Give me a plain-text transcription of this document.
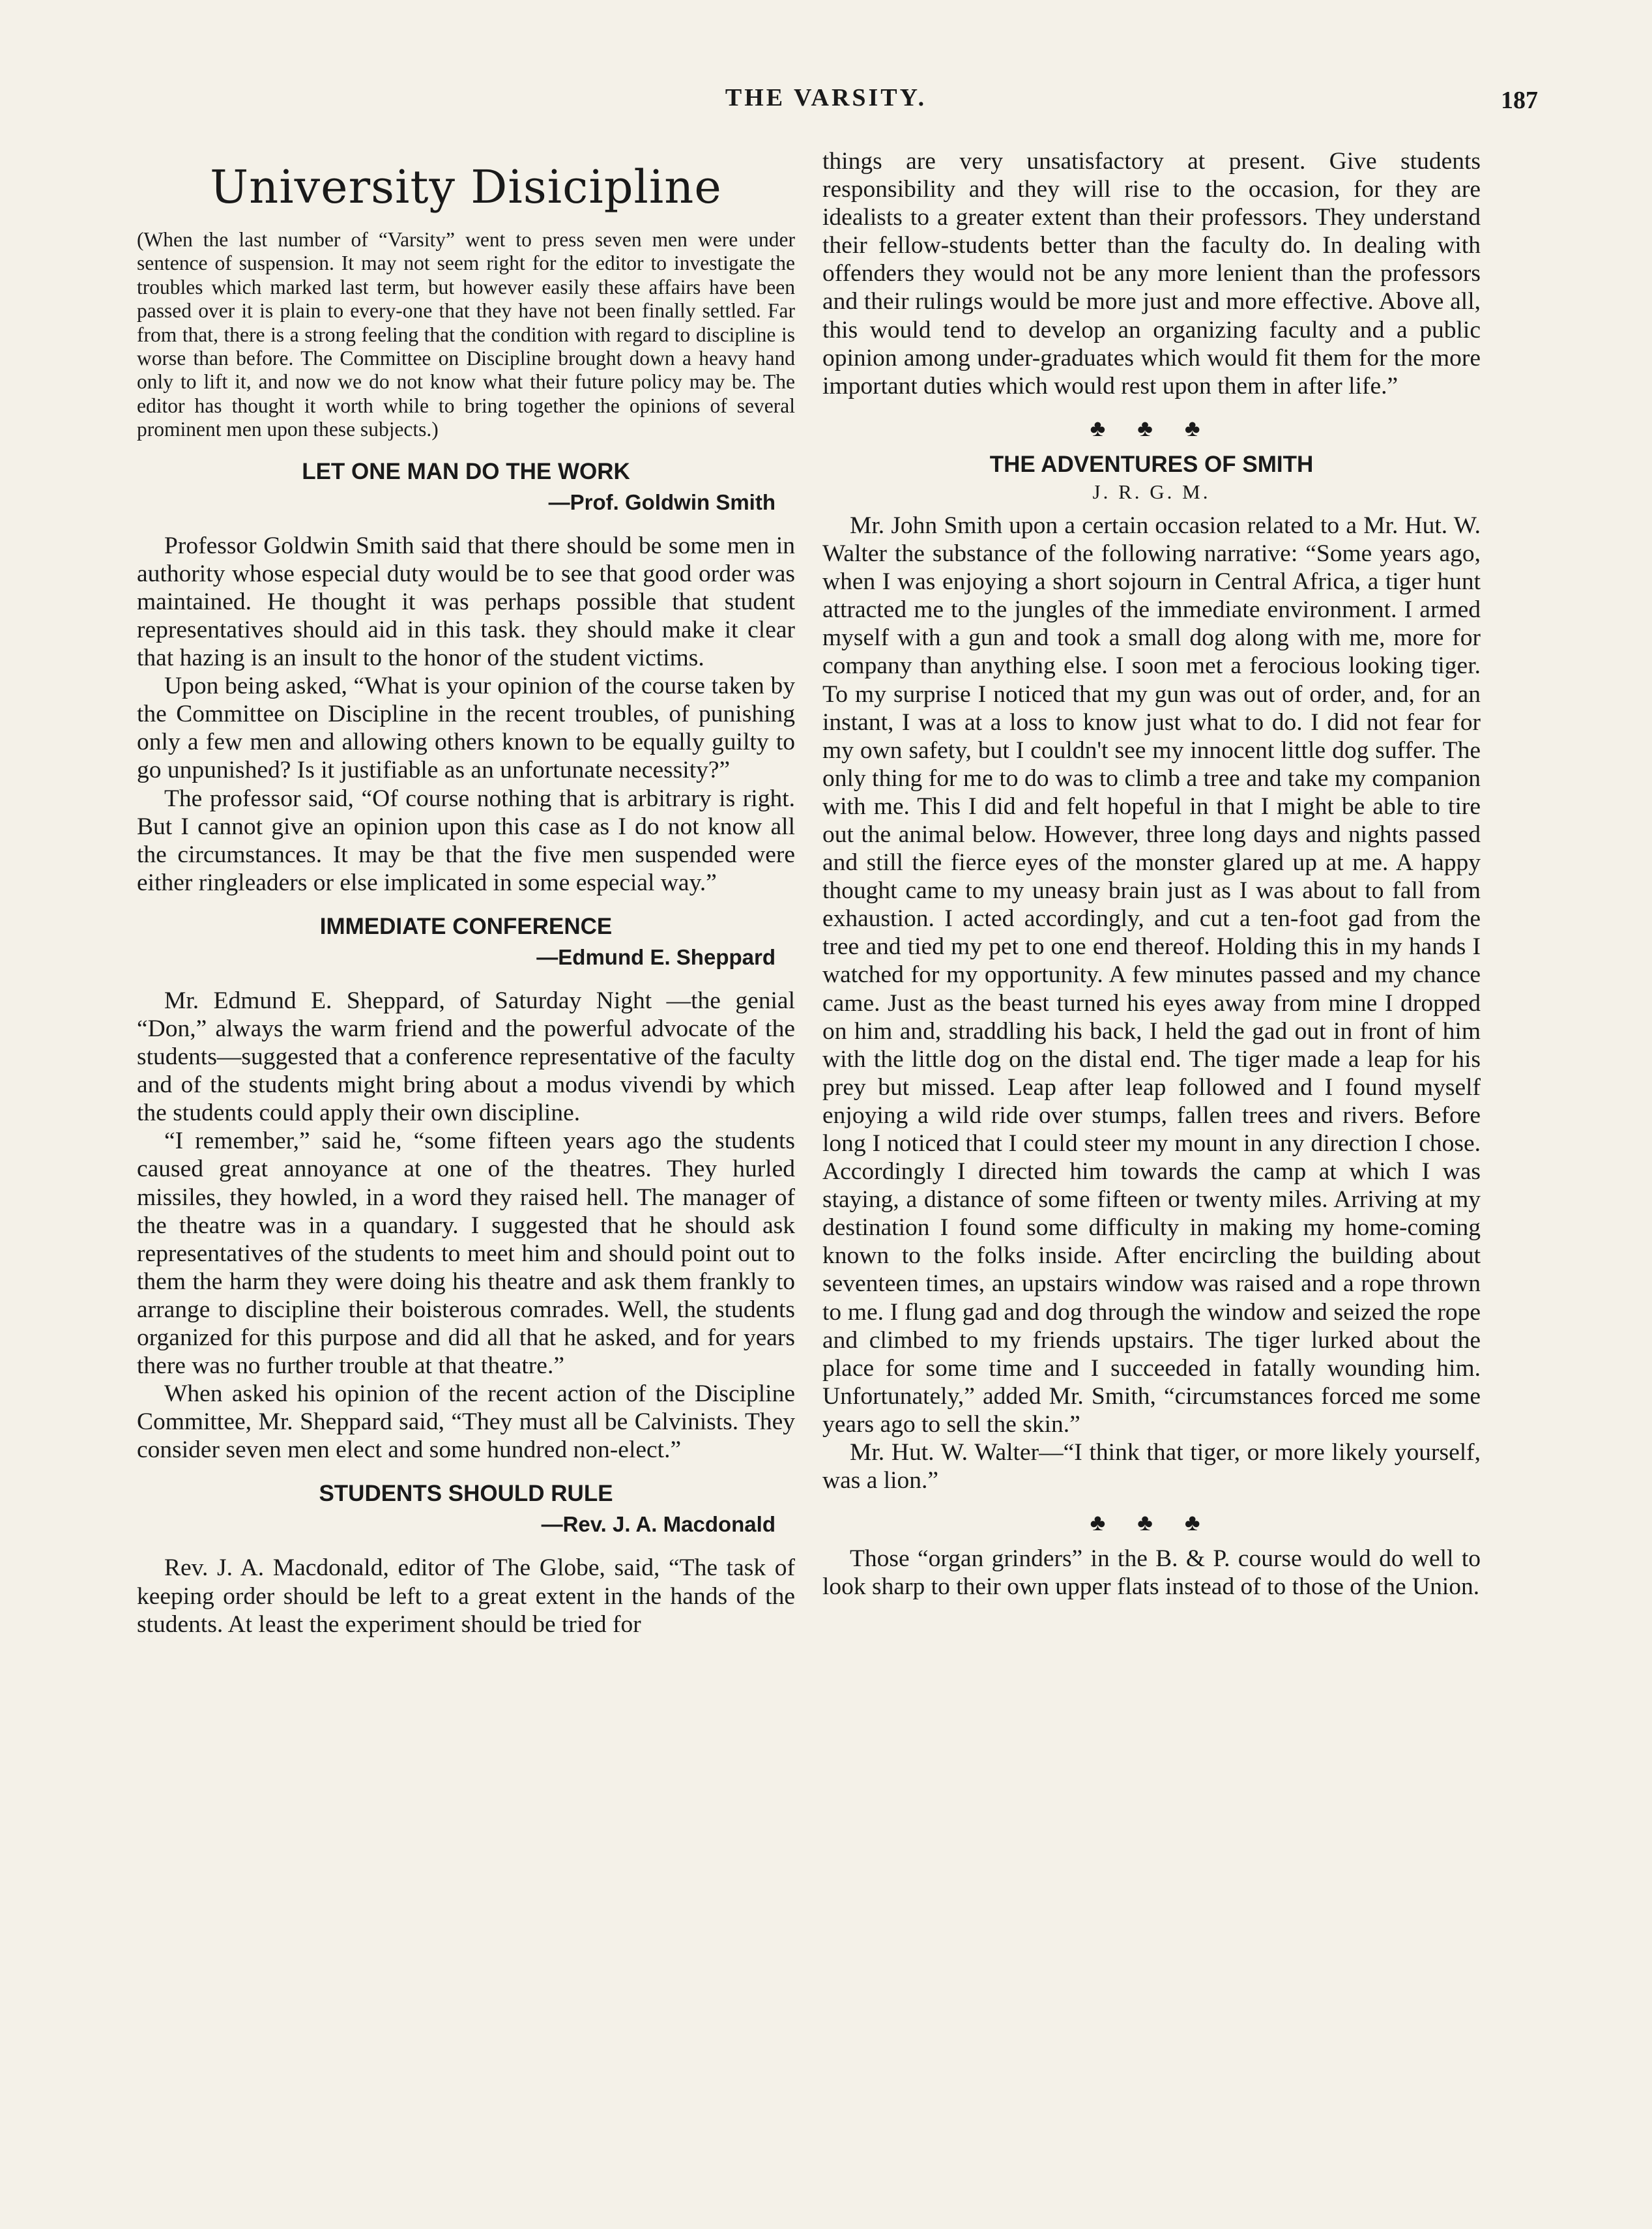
THE VARSITY.	187
University Disicipline

(When the last number of “Varsity” went to press seven men were under sentence of suspension. It may not seem right for the editor to investigate the troubles which marked last term, but however easily these affairs have been passed over it is plain to every-one that they have not been finally settled. Far from that, there is a strong feeling that the condition with regard to discipline is worse than before. The Committee on Discipline brought down a heavy hand only to lift it, and now we do not know what their future policy may be. The editor has thought it worth while to bring together the opinions of several prominent men upon these subjects.)

LET ONE MAN DO THE WORK
—Prof. Goldwin Smith

Professor Goldwin Smith said that there should be some men in authority whose especial duty would be to see that good order was maintained. He thought it was perhaps possible that student representatives should aid in this task. they should make it clear that hazing is an insult to the honor of the student victims.

Upon being asked, “What is your opinion of the course taken by the Committee on Discipline in the recent troubles, of punishing only a few men and allowing others known to be equally guilty to go unpunished? Is it justifiable as an unfortunate necessity?”

The professor said, “Of course nothing that is arbitrary is right. But I cannot give an opinion upon this case as I do not know all the circumstances. It may be that the five men suspended were either ringleaders or else implicated in some especial way.”

IMMEDIATE CONFERENCE
—Edmund E. Sheppard

Mr. Edmund E. Sheppard, of Saturday Night —the genial “Don,” always the warm friend and the powerful advocate of the students—suggested that a conference representative of the faculty and of the students might bring about a modus vivendi by which the students could apply their own discipline.

“I remember,” said he, “some fifteen years ago the students caused great annoyance at one of the theatres. They hurled missiles, they howled, in a word they raised hell. The manager of the theatre was in a quandary. I suggested that he should ask representatives of the students to meet him and should point out to them the harm they were doing his theatre and ask them frankly to arrange to discipline their boisterous comrades. Well, the students organized for this purpose and did all that he asked, and for years there was no further trouble at that theatre.”

When asked his opinion of the recent action of the Discipline Committee, Mr. Sheppard said, “They must all be Calvinists. They consider seven men elect and some hundred non-elect.”

STUDENTS SHOULD RULE
—Rev. J. A. Macdonald

Rev. J. A. Macdonald, editor of The Globe, said, “The task of keeping order should be left to a great extent in the hands of the students. At least the experiment should be tried for

things are very unsatisfactory at present. Give students responsibility and they will rise to the occasion, for they are idealists to a greater extent than their professors. They understand their fellow-students better than the faculty do. In dealing with offenders they would not be any more lenient than the professors and their rulings would be more just and more effective. Above all, this would tend to develop an organizing faculty and a public opinion among under-graduates which would fit them for the more important duties which would rest upon them in after life.”

♣ ♣ ♣
THE ADVENTURES OF SMITH
J. R. G. M.

Mr. John Smith upon a certain occasion related to a Mr. Hut. W. Walter the substance of the following narrative: “Some years ago, when I was enjoying a short sojourn in Central Africa, a tiger hunt attracted me to the jungles of the immediate environment. I armed myself with a gun and took a small dog along with me, more for company than anything else. I soon met a ferocious looking tiger. To my surprise I noticed that my gun was out of order, and, for an instant, I was at a loss to know just what to do. I did not fear for my own safety, but I couldn't see my innocent little dog suffer. The only thing for me to do was to climb a tree and take my companion with me. This I did and felt hopeful in that I might be able to tire out the animal below. However, three long days and nights passed and still the fierce eyes of the monster glared up at me. A happy thought came to my uneasy brain just as I was about to fall from exhaustion. I acted accordingly, and cut a ten-foot gad from the tree and tied my pet to one end thereof. Holding this in my hands I watched for my opportunity. A few minutes passed and my chance came. Just as the beast turned his eyes away from mine I dropped on him and, straddling his back, I held the gad out in front of him with the little dog on the distal end. The tiger made a leap for his prey but missed. Leap after leap followed and I found myself enjoying a wild ride over stumps, fallen trees and rivers. Before long I noticed that I could steer my mount in any direction I chose. Accordingly I directed him towards the camp at which I was staying, a distance of some fifteen or twenty miles. Arriving at my destination I found some difficulty in making my home-coming known to the folks inside. After encircling the building about seventeen times, an upstairs window was raised and a rope thrown to me. I flung gad and dog through the window and seized the rope and climbed to my friends upstairs. The tiger lurked about the place for some time and I succeeded in fatally wounding him. Unfortunately,” added Mr. Smith, “circumstances forced me some years ago to sell the skin.”

Mr. Hut. W. Walter—“I think that tiger, or more likely yourself, was a lion.”

♣ ♣ ♣

Those “organ grinders” in the B. & P. course would do well to look sharp to their own upper flats instead of to those of the Union.
